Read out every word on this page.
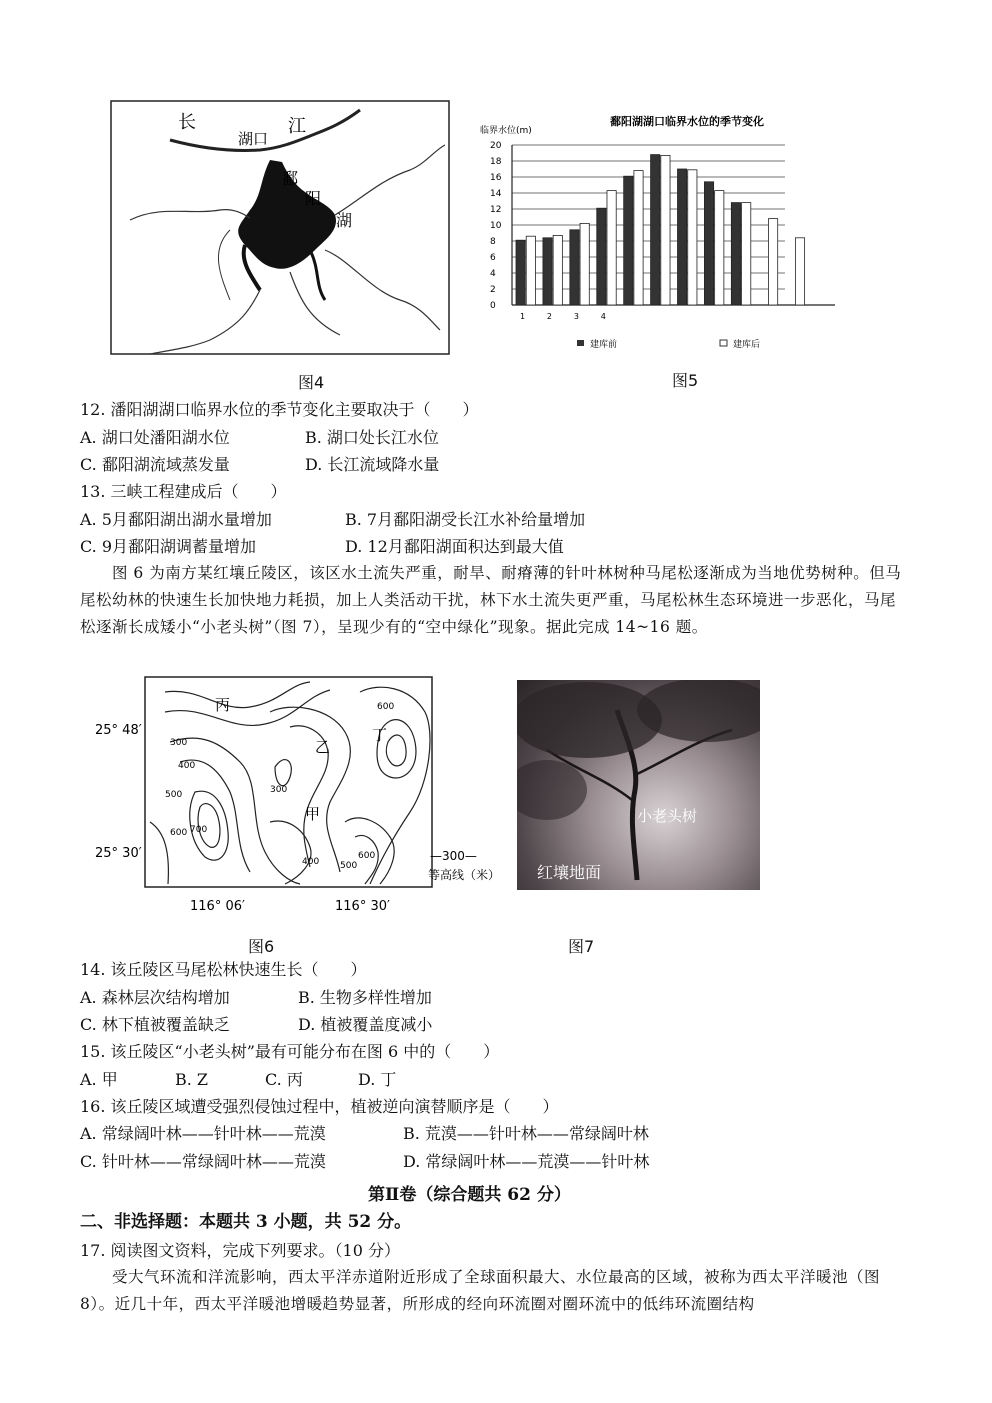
长	江
湖口
鄱
阳
湖
图4
鄱阳湖湖口临界水位的季节变化
临界水位(m)
0
2
4
6
8
10
12
14
16
18
20
1	2	3	4
建库前	建库后
图5
12. 潘阳湖湖口临界水位的季节变化主要取决于（　　）
A. 湖口处潘阳湖水位	B. 湖口处长江水位
C. 鄱阳湖流域蒸发量	D. 长江流域降水量
13. 三峡工程建成后（　　）
A. 5月鄱阳湖出湖水量增加	B. 7月鄱阳湖受长江水补给量增加
C. 9月鄱阳湖调蓄量增加	D. 12月鄱阳湖面积达到最大值
图 6 为南方某红壤丘陵区，该区水土流失严重，耐旱、耐瘠薄的针叶林树种马尾松逐渐成为当地优势树种。但马尾松幼林的快速生长加快地力耗损，加上人类活动干扰，林下水土流失更严重，马尾松林生态环境进一步恶化，马尾松逐渐长成矮小“小老头树”（图 7），呈现少有的“空中绿化”现象。据此完成 14~16 题。
丙
乙
甲
丁
300
400
500
600 700
400 500
600
600
300
25° 48′
25° 30′
116° 06′	116° 30′
—300—
等高线（米）
图6
小老头树
红壤地面
图7
14. 该丘陵区马尾松林快速生长（　　）
A. 森林层次结构增加	B. 生物多样性增加
C. 林下植被覆盖缺乏	D. 植被覆盖度减小
15. 该丘陵区“小老头树”最有可能分布在图 6 中的（　　）
A. 甲	B. Z	C. 丙	D. 丁
16. 该丘陵区域遭受强烈侵蚀过程中，植被逆向演替顺序是（　　）
A. 常绿阔叶林——针叶林——荒漠	B. 荒漠——针叶林——常绿阔叶林
C. 针叶林——常绿阔叶林——荒漠	D. 常绿阔叶林——荒漠——针叶林
第Ⅱ卷（综合题共 62 分）
二、非选择题：本题共 3 小题，共 52 分。
17. 阅读图文资料，完成下列要求。（10 分）
受大气环流和洋流影响，西太平洋赤道附近形成了全球面积最大、水位最高的区域，被称为西太平洋暖池（图 8）。近几十年，西太平洋暖池增暖趋势显著，所形成的经向环流圈对圈环流中的低纬环流圈结构
